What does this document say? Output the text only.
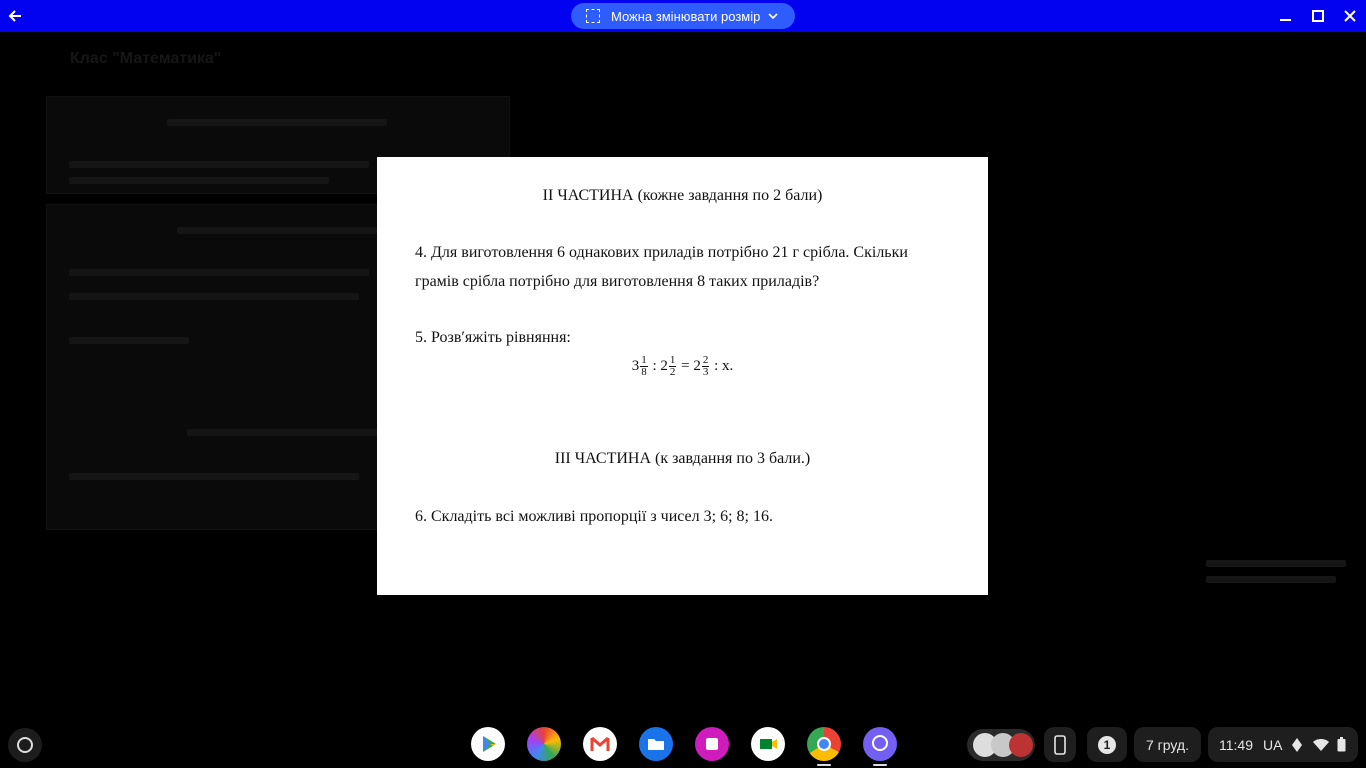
Можна змінювати розмір
Клас "Математика"
II ЧАСТИНА (кожне завдання по 2 бали)
4. Для виготовлення 6 однакових приладів потрібно 21 г срібла. Скільки грамів срібла потрібно для виготовлення 8 таких приладів?
5. Розв′яжіть рівняння:
$3 \frac{1}{8}$ : $2 \frac{1}{2} = 2 \frac{2}{3}$ : x.
III ЧАСТИНА (к завдання по 3 бали.)
6. Складіть всі можливі пропорції з чисел 3; 6; 8; 16.
1	7 груд. 11:49 UA
